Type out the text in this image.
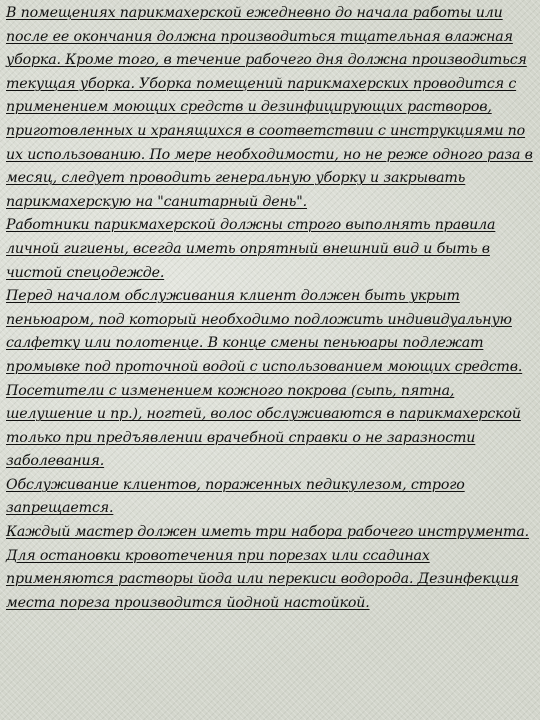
В помещениях парикмахерской ежедневно до начала работы или после ее окончания должна производиться тщательная влажная уборка. Кроме того, в течение рабочего дня должна производиться текущая уборка. Уборка помещений парикмахерских проводится с применением моющих средств и дезинфицирующих растворов, приготовленных и хранящихся в соответствии с инструкциями по их использованию. По мере необходимости, но не реже одного раза в месяц, следует проводить генеральную уборку и закрывать парикмахерскую на "санитарный день".

Работники парикмахерской должны строго выполнять правила личной гигиены, всегда иметь опрятный внешний вид и быть в чистой спецодежде.

Перед началом обслуживания клиент должен быть укрыт пеньюаром, под который необходимо подложить индивидуальную салфетку или полотенце. В конце смены пеньюары подлежат промывке под проточной водой с использованием моющих средств.

Посетители с изменением кожного покрова (сыпь, пятна, шелушение и пр.), ногтей, волос обслуживаются в парикмахерской только при предъявлении врачебной справки о не заразности заболевания.

Обслуживание клиентов, пораженных педикулезом, строго запрещается.

Каждый мастер должен иметь три набора рабочего инструмента.

Для остановки кровотечения при порезах или ссадинах применяются растворы йода или перекиси водорода. Дезинфекция места пореза производится йодной настойкой.
